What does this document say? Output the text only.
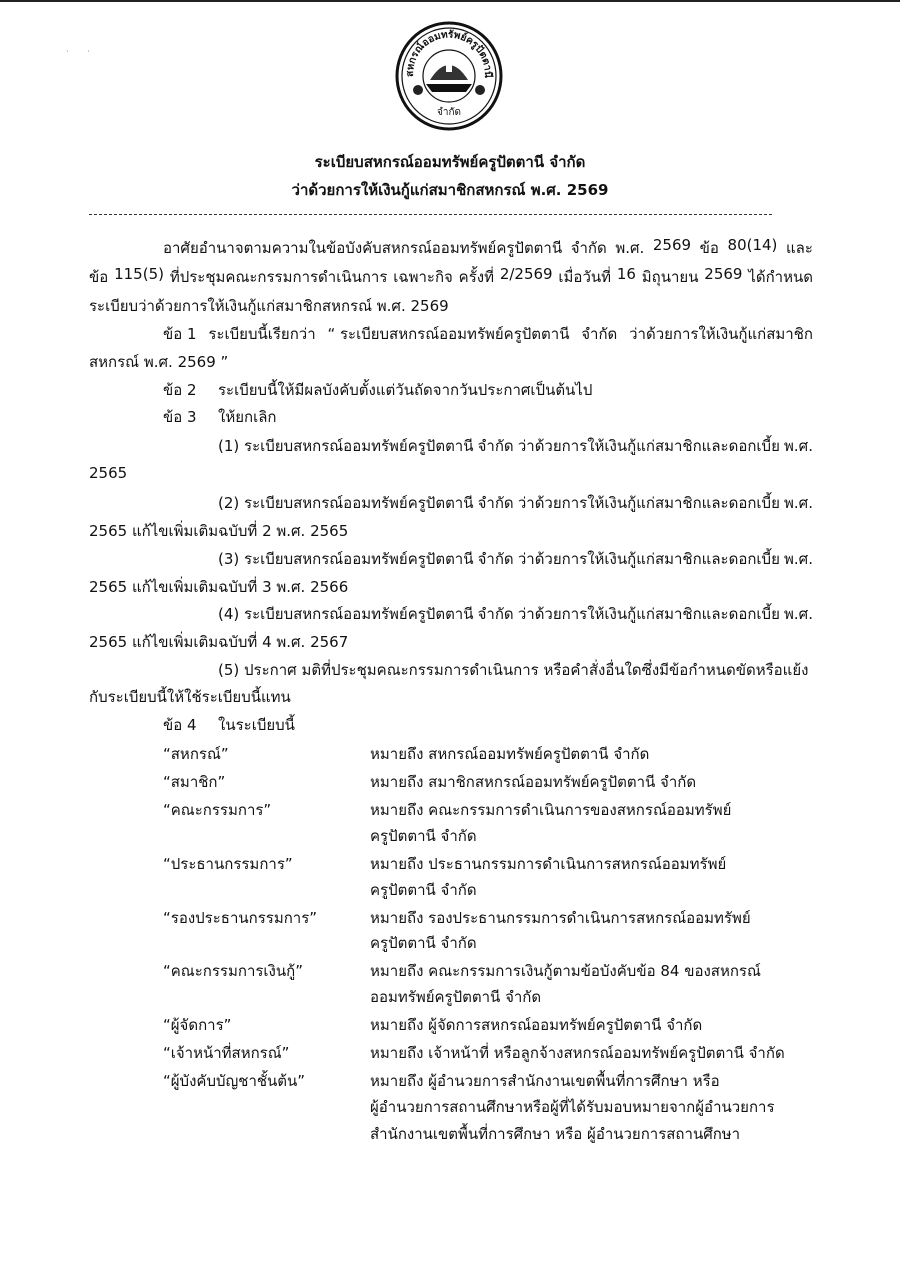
· ·
สหกรณ์ออมทรัพย์ครูปัตตานี
จำกัด
ระเบียบสหกรณ์ออมทรัพย์ครูปัตตานี จำกัด
ว่าด้วยการให้เงินกู้แก่สมาชิกสหกรณ์ พ.ศ. 2569
อาศัยอำนาจตามความในข้อบังคับสหกรณ์ออมทรัพย์ครูปัตตานี จำกัด พ.ศ. 2569 ข้อ 80(14) และ
ข้อ 115(5) ที่ประชุมคณะกรรมการดำเนินการ เฉพาะกิจ ครั้งที่ 2/2569 เมื่อวันที่ 16 มิถุนายน 2569 ได้กำหนด
ระเบียบว่าด้วยการให้เงินกู้แก่สมาชิกสหกรณ์ พ.ศ. 2569
ข้อ 1 ระเบียบนี้เรียกว่า “ ระเบียบสหกรณ์ออมทรัพย์ครูปัตตานี จำกัด ว่าด้วยการให้เงินกู้แก่สมาชิก
สหกรณ์ พ.ศ. 2569 ”
ข้อ 2 ระเบียบนี้ให้มีผลบังคับตั้งแต่วันถัดจากวันประกาศเป็นต้นไป
ข้อ 3 ให้ยกเลิก
(1) ระเบียบสหกรณ์ออมทรัพย์ครูปัตตานี จำกัด ว่าด้วยการให้เงินกู้แก่สมาชิกและดอกเบี้ย พ.ศ.
2565
(2) ระเบียบสหกรณ์ออมทรัพย์ครูปัตตานี จำกัด ว่าด้วยการให้เงินกู้แก่สมาชิกและดอกเบี้ย พ.ศ.
2565 แก้ไขเพิ่มเติมฉบับที่ 2 พ.ศ. 2565
(3) ระเบียบสหกรณ์ออมทรัพย์ครูปัตตานี จำกัด ว่าด้วยการให้เงินกู้แก่สมาชิกและดอกเบี้ย พ.ศ.
2565 แก้ไขเพิ่มเติมฉบับที่ 3 พ.ศ. 2566
(4) ระเบียบสหกรณ์ออมทรัพย์ครูปัตตานี จำกัด ว่าด้วยการให้เงินกู้แก่สมาชิกและดอกเบี้ย พ.ศ.
2565 แก้ไขเพิ่มเติมฉบับที่ 4 พ.ศ. 2567
(5) ประกาศ มติที่ประชุมคณะกรรมการดำเนินการ หรือคำสั่งอื่นใดซึ่งมีข้อกำหนดขัดหรือแย้ง
กับระเบียบนี้ให้ใช้ระเบียบนี้แทน
ข้อ 4 ในระเบียบนี้
“สหกรณ์”	หมายถึง สหกรณ์ออมทรัพย์ครูปัตตานี จำกัด
“สมาชิก”	หมายถึง สมาชิกสหกรณ์ออมทรัพย์ครูปัตตานี จำกัด
“คณะกรรมการ”	หมายถึง คณะกรรมการดำเนินการของสหกรณ์ออมทรัพย์
ครูปัตตานี จำกัด
“ประธานกรรมการ”	หมายถึง ประธานกรรมการดำเนินการสหกรณ์ออมทรัพย์
ครูปัตตานี จำกัด
“รองประธานกรรมการ”	หมายถึง รองประธานกรรมการดำเนินการสหกรณ์ออมทรัพย์
ครูปัตตานี จำกัด
“คณะกรรมการเงินกู้”	หมายถึง คณะกรรมการเงินกู้ตามข้อบังคับข้อ 84 ของสหกรณ์
ออมทรัพย์ครูปัตตานี จำกัด
“ผู้จัดการ”	หมายถึง ผู้จัดการสหกรณ์ออมทรัพย์ครูปัตตานี จำกัด
“เจ้าหน้าที่สหกรณ์”	หมายถึง เจ้าหน้าที่ หรือลูกจ้างสหกรณ์ออมทรัพย์ครูปัตตานี จำกัด
“ผู้บังคับบัญชาชั้นต้น”	หมายถึง ผู้อำนวยการสำนักงานเขตพื้นที่การศึกษา หรือ
ผู้อำนวยการสถานศึกษาหรือผู้ที่ได้รับมอบหมายจากผู้อำนวยการ
สำนักงานเขตพื้นที่การศึกษา หรือ ผู้อำนวยการสถานศึกษา
